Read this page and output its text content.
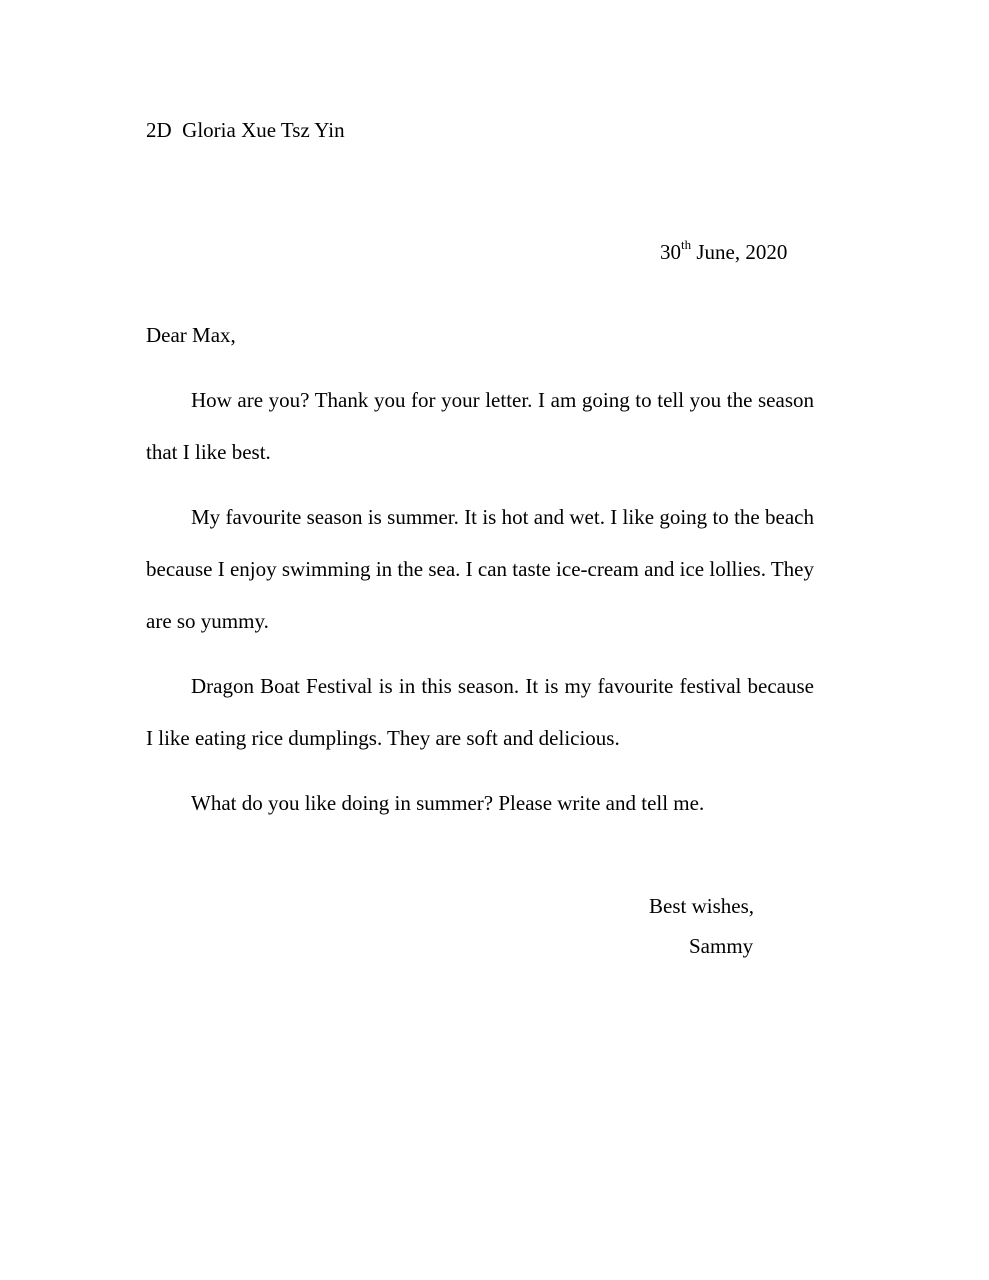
2D  Gloria Xue Tsz Yin

30th June, 2020

Dear Max,

How are you? Thank you for your letter. I am going to tell you the season that I like best.

My favourite season is summer. It is hot and wet. I like going to the beach because I enjoy swimming in the sea. I can taste ice-cream and ice lollies. They are so yummy.

Dragon Boat Festival is in this season. It is my favourite festival because I like eating rice dumplings. They are soft and delicious.

What do you like doing in summer? Please write and tell me.

Best wishes,

Sammy
